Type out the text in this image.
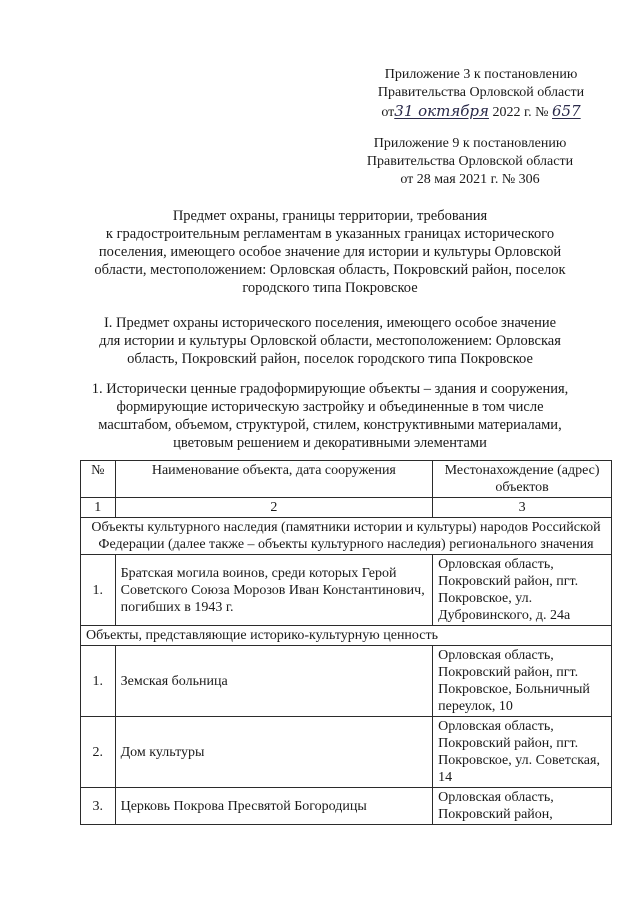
Приложение 3 к постановлению
Правительства Орловской области
от31 октября 2022 г. № 657
Приложение 9 к постановлению
Правительства Орловской области
от 28 мая 2021 г. № 306
Предмет охраны, границы территории, требования
к градостроительным регламентам в указанных границах исторического
поселения, имеющего особое значение для истории и культуры Орловской
области, местоположением: Орловская область, Покровский район, поселок
городского типа Покровское
I. Предмет охраны исторического поселения, имеющего особое значение
для истории и культуры Орловской области, местоположением: Орловская
область, Покровский район, поселок городского типа Покровское
1. Исторически ценные градоформирующие объекты – здания и сооружения,
формирующие историческую застройку и объединенные в том числе
масштабом, объемом, структурой, стилем, конструктивными материалами,
цветовым решением и декоративными элементами
№	Наименование объекта, дата сооружения	Местонахождение (адрес) объектов
1	2	3
Объекты культурного наследия (памятники истории и культуры) народов Российской Федерации (далее также – объекты культурного наследия) регионального значения		
1.	Братская могила воинов, среди которых Герой Советского Союза Морозов Иван Константинович, погибших в 1943 г.	Орловская область, Покровский район, пгт. Покровское, ул. Дубровинского, д. 24а
Объекты, представляющие историко-культурную ценность		
1.	Земская больница	Орловская область, Покровский район, пгт. Покровское, Больничный переулок, 10
2.	Дом культуры	Орловская область, Покровский район, пгт. Покровское, ул. Советская, 14
3.	Церковь Покрова Пресвятой Богородицы	Орловская область, Покровский район,
